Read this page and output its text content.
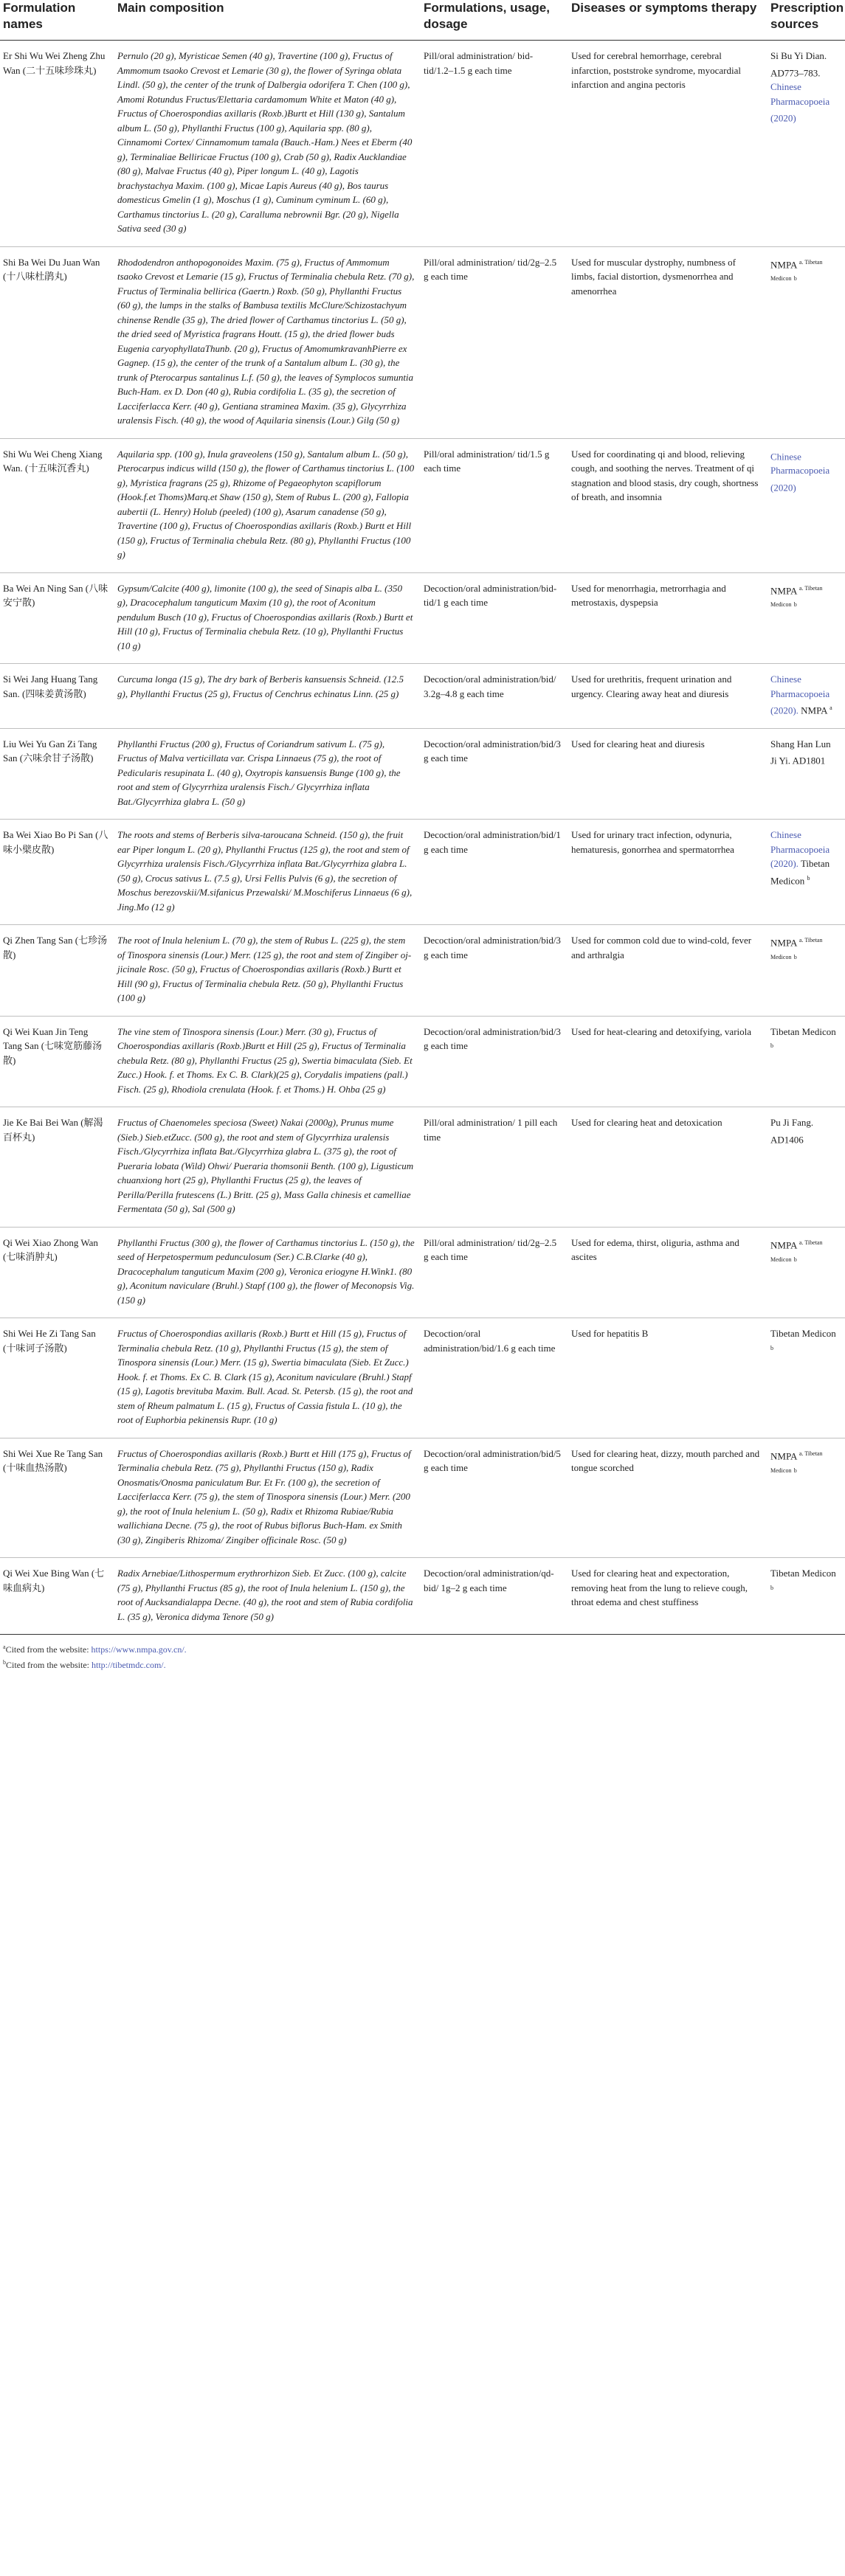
Formulation names	Main composition	Formulations, usage, dosage	Diseases or symptoms therapy	Prescription sources
Er Shi Wu Wei Zheng Zhu Wan (二十五味珍珠丸)	Pernulo (20 g), Myristicae Semen (40 g), Travertine (100 g), Fructus of Ammomum tsaoko Crevost et Lemarie (30 g), the flower of Syringa oblata Lindl. (50 g), the center of the trunk of Dalbergia odorifera T. Chen (100 g), Amomi Rotundus Fructus/Elettaria cardamomum White et Maton (40 g), Fructus of Choerospondias axillaris (Roxb.)Burtt et Hill (130 g), Santalum album L. (50 g), Phyllanthi Fructus (100 g), Aquilaria spp. (80 g), Cinnamomi Cortex/ Cinnamomum tamala (Bauch.-Ham.) Nees et Eberm (40 g), Terminaliae Belliricae Fructus (100 g), Crab (50 g), Radix Aucklandiae (80 g), Malvae Fructus (40 g), Piper longum L. (40 g), Lagotis brachystachya Maxim. (100 g), Micae Lapis Aureus (40 g), Bos taurus domesticus Gmelin (1 g), Moschus (1 g), Cuminum cyminum L. (60 g), Carthamus tinctorius L. (20 g), Caralluma nebrownii Bgr. (20 g), Nigella Sativa seed (30 g)	Pill/oral administration/ bid-tid/1.2–1.5 g each time	Used for cerebral hemorrhage, cerebral infarction, poststroke syndrome, myocardial infarction and angina pectoris	Si Bu Yi Dian. AD773–783. Chinese Pharmacopoeia (2020)
Shi Ba Wei Du Juan Wan (十八味杜鹃丸)	Rhododendron anthopogonoides Maxim. (75 g), Fructus of Ammomum tsaoko Crevost et Lemarie (15 g), Fructus of Terminalia chebula Retz. (70 g), Fructus of Terminalia bellirica (Gaertn.) Roxb. (50 g), Phyllanthi Fructus (60 g), the lumps in the stalks of Bambusa textilis McClure/Schizostachyum chinense Rendle (35 g), The dried flower of Carthamus tinctorius L. (50 g), the dried seed of Myristica fragrans Houtt. (15 g), the dried flower buds Eugenia caryophyllataThunb. (20 g), Fructus of AmomumkravanhPierre ex Gagnep. (15 g), the center of the trunk of a Santalum album L. (30 g), the trunk of Pterocarpus santalinus L.f. (50 g), the leaves of Symplocos sumuntia Buch-Ham. ex D. Don (40 g), Rubia cordifolia L. (35 g), the secretion of Lacciferlacca Kerr. (40 g), Gentiana straminea Maxim. (35 g), Glycyrrhiza uralensis Fisch. (40 g), the wood of Aquilaria sinensis (Lour.) Gilg (50 g)	Pill/oral administration/ tid/2g–2.5 g each time	Used for muscular dystrophy, numbness of limbs, facial distortion, dysmenorrhea and amenorrhea	NMPA $^{a. Tibetan Medicon}$ $^b$
Shi Wu Wei Cheng Xiang Wan. (十五味沉香丸)	Aquilaria spp. (100 g), Inula graveolens (150 g), Santalum album L. (50 g), Pterocarpus indicus willd (150 g), the flower of Carthamus tinctorius L. (100 g), Myristica fragrans (25 g), Rhizome of Pegaeophyton scapiflorum (Hook.f.et Thoms)Marq.et Shaw (150 g), Stem of Rubus L. (200 g), Fallopia aubertii (L. Henry) Holub (peeled) (100 g), Asarum canadense (50 g), Travertine (100 g), Fructus of Choerospondias axillaris (Roxb.) Burtt et Hill (150 g), Fructus of Terminalia chebula Retz. (80 g), Phyllanthi Fructus (100 g)	Pill/oral administration/ tid/1.5 g each time	Used for coordinating qi and blood, relieving cough, and soothing the nerves. Treatment of qi stagnation and blood stasis, dry cough, shortness of breath, and insomnia	Chinese Pharmacopoeia (2020)
Ba Wei An Ning San (八味安宁散)	Gypsum/Calcite (400 g), limonite (100 g), the seed of Sinapis alba L. (350 g), Dracocephalum tanguticum Maxim (10 g), the root of Aconitum pendulum Busch (10 g), Fructus of Choerospondias axillaris (Roxb.) Burtt et Hill (10 g), Fructus of Terminalia chebula Retz. (10 g), Phyllanthi Fructus (10 g)	Decoction/oral administration/bid-tid/1 g each time	Used for menorrhagia, metrorrhagia and metrostaxis, dyspepsia	NMPA $^{a. Tibetan Medicon}$ $^b$
Si Wei Jang Huang Tang San. (四味姜黄汤散)	Curcuma longa (15 g), The dry bark of Berberis kansuensis Schneid. (12.5 g), Phyllanthi Fructus (25 g), Fructus of Cenchrus echinatus Linn. (25 g)	Decoction/oral administration/bid/ 3.2g–4.8 g each time	Used for urethritis, frequent urination and urgency. Clearing away heat and diuresis	Chinese Pharmacopoeia (2020). NMPA $^a$
Liu Wei Yu Gan Zi Tang San (六味余甘子汤散)	Phyllanthi Fructus (200 g), Fructus of Coriandrum sativum L. (75 g), Fructus of Malva verticillata var. Crispa Linnaeus (75 g), the root of Pedicularis resupinata L. (40 g), Oxytropis kansuensis Bunge (100 g), the root and stem of Glycyrrhiza uralensis Fisch./ Glycyrrhiza inflata Bat./Glycyrrhiza glabra L. (50 g)	Decoction/oral administration/bid/3 g each time	Used for clearing heat and diuresis	Shang Han Lun Ji Yi. AD1801
Ba Wei Xiao Bo Pi San (八味小檗皮散)	The roots and stems of Berberis silva-taroucana Schneid. (150 g), the fruit ear Piper longum L. (20 g), Phyllanthi Fructus (125 g), the root and stem of Glycyrrhiza uralensis Fisch./Glycyrrhiza inflata Bat./Glycyrrhiza glabra L. (50 g), Crocus sativus L. (7.5 g), Ursi Fellis Pulvis (6 g), the secretion of Moschus berezovskii/M.sifanicus Przewalski/ M.Moschiferus Linnaeus (6 g), Jing.Mo (12 g)	Decoction/oral administration/bid/1 g each time	Used for urinary tract infection, odynuria, hematuresis, gonorrhea and spermatorrhea	Chinese Pharmacopoeia (2020). Tibetan Medicon $^b$
Qi Zhen Tang San (七珍汤散)	The root of Inula helenium L. (70 g), the stem of Rubus L. (225 g), the stem of Tinospora sinensis (Lour.) Merr. (125 g), the root and stem of Zingiber oj-jicinale Rosc. (50 g), Fructus of Choerospondias axillaris (Roxb.) Burtt et Hill (90 g), Fructus of Terminalia chebula Retz. (50 g), Phyllanthi Fructus (100 g)	Decoction/oral administration/bid/3 g each time	Used for common cold due to wind-cold, fever and arthralgia	NMPA $^{a. Tibetan Medicon}$ $^b$
Qi Wei Kuan Jin Teng Tang San (七味宽筋藤汤散)	The vine stem of Tinospora sinensis (Lour.) Merr. (30 g), Fructus of Choerospondias axillaris (Roxb.)Burtt et Hill (25 g), Fructus of Terminalia chebula Retz. (80 g), Phyllanthi Fructus (25 g), Swertia bimaculata (Sieb. Et Zucc.) Hook. f. et Thoms. Ex C. B. Clark)(25 g), Corydalis impatiens (pall.) Fisch. (25 g), Rhodiola crenulata (Hook. f. et Thoms.) H. Ohba (25 g)	Decoction/oral administration/bid/3 g each time	Used for heat-clearing and detoxifying, variola	Tibetan Medicon $^b$
Jie Ke Bai Bei Wan (解渴百杯丸)	Fructus of Chaenomeles speciosa (Sweet) Nakai (2000g), Prunus mume (Sieb.) Sieb.etZucc. (500 g), the root and stem of Glycyrrhiza uralensis Fisch./Glycyrrhiza inflata Bat./Glycyrrhiza glabra L. (375 g), the root of Pueraria lobata (Wild) Ohwi/ Pueraria thomsonii Benth. (100 g), Ligusticum chuanxiong hort (25 g), Phyllanthi Fructus (25 g), the leaves of Perilla/Perilla frutescens (L.) Britt. (25 g), Mass Galla chinesis et camelliae Fermentata (50 g), Sal (500 g)	Pill/oral administration/ 1 pill each time	Used for clearing heat and detoxication	Pu Ji Fang. AD1406
Qi Wei Xiao Zhong Wan (七味消肿丸)	Phyllanthi Fructus (300 g), the flower of Carthamus tinctorius L. (150 g), the seed of Herpetospermum pedunculosum (Ser.) C.B.Clarke (40 g), Dracocephalum tanguticum Maxim (200 g), Veronica eriogyne H.Wink1. (80 g), Aconitum naviculare (Bruhl.) Stapf (100 g), the flower of Meconopsis Vig. (150 g)	Pill/oral administration/ tid/2g–2.5 g each time	Used for edema, thirst, oliguria, asthma and ascites	NMPA $^{a. Tibetan Medicon}$ $^b$
Shi Wei He Zi Tang San (十味诃子汤散)	Fructus of Choerospondias axillaris (Roxb.) Burtt et Hill (15 g), Fructus of Terminalia chebula Retz. (10 g), Phyllanthi Fructus (15 g), the stem of Tinospora sinensis (Lour.) Merr. (15 g), Swertia bimaculata (Sieb. Et Zucc.) Hook. f. et Thoms. Ex C. B. Clark (15 g), Aconitum naviculare (Bruhl.) Stapf (15 g), Lagotis brevituba Maxim. Bull. Acad. St. Petersb. (15 g), the root and stem of Rheum palmatum L. (15 g), Fructus of Cassia fistula L. (10 g), the root of Euphorbia pekinensis Rupr. (10 g)	Decoction/oral administration/bid/1.6 g each time	Used for hepatitis B	Tibetan Medicon $^b$
Shi Wei Xue Re Tang San (十味血热汤散)	Fructus of Choerospondias axillaris (Roxb.) Burtt et Hill (175 g), Fructus of Terminalia chebula Retz. (75 g), Phyllanthi Fructus (150 g), Radix Onosmatis/Onosma paniculatum Bur. Et Fr. (100 g), the secretion of Lacciferlacca Kerr. (75 g), the stem of Tinospora sinensis (Lour.) Merr. (200 g), the root of Inula helenium L. (50 g), Radix et Rhizoma Rubiae/Rubia wallichiana Decne. (75 g), the root of Rubus biflorus Buch-Ham. ex Smith (30 g), Zingiberis Rhizoma/ Zingiber officinale Rosc. (50 g)	Decoction/oral administration/bid/5 g each time	Used for clearing heat, dizzy, mouth parched and tongue scorched	NMPA $^{a. Tibetan Medicon}$ $^b$
Qi Wei Xue Bing Wan (七味血病丸)	Radix Arnebiae/Lithospermum erythrorhizon Sieb. Et Zucc. (100 g), calcite (75 g), Phyllanthi Fructus (85 g), the root of Inula helenium L. (150 g), the root of Aucksandialappa Decne. (40 g), the root and stem of Rubia cordifolia L. (35 g), Veronica didyma Tenore (50 g)	Decoction/oral administration/qd-bid/ 1g–2 g each time	Used for clearing heat and expectoration, removing heat from the lung to relieve cough, throat edema and chest stuffiness	Tibetan Medicon $^b$
$^a$Cited from the website: https://www.nmpa.gov.cn/.
$^b$Cited from the website: http://tibetmdc.com/.
